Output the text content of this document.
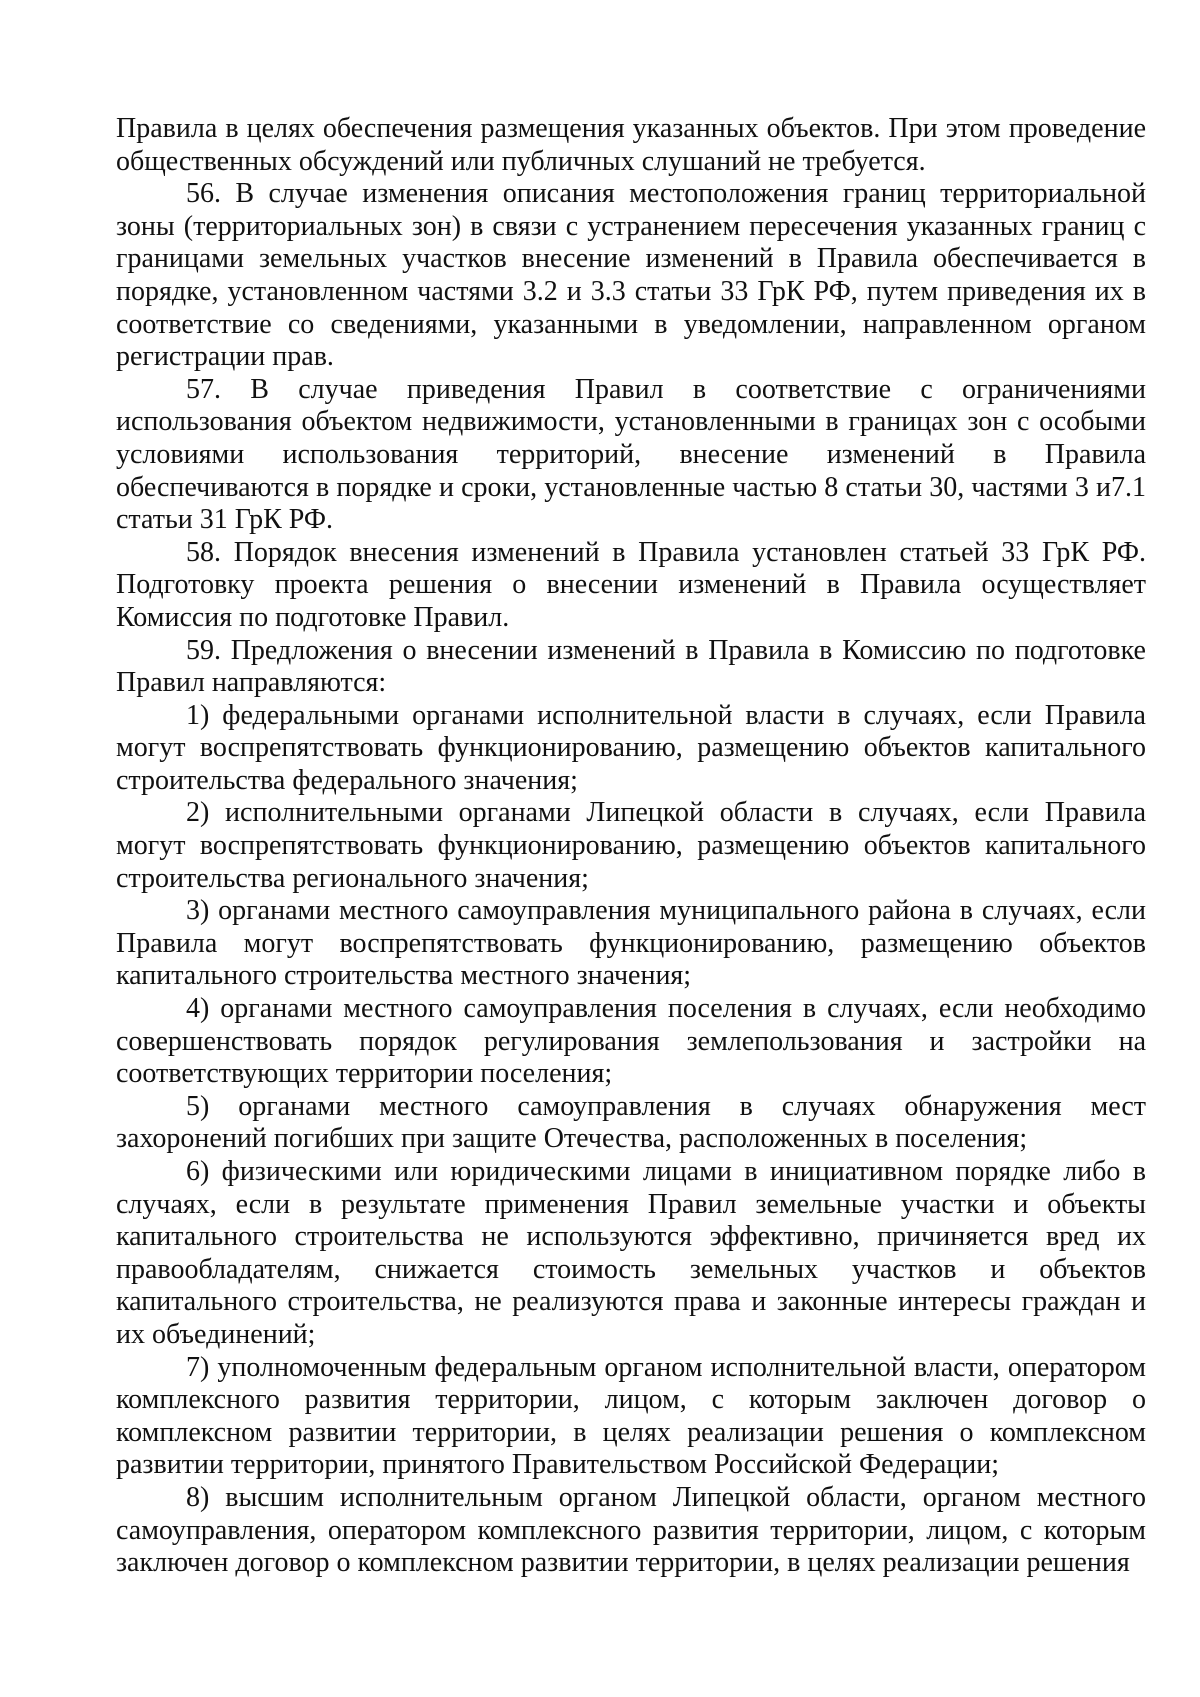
Правила в целях обеспечения размещения указанных объектов. При этом проведение общественных обсуждений или публичных слушаний не требуется.

56. В случае изменения описания местоположения границ территориальной зоны (территориальных зон) в связи с устранением пересечения указанных границ с границами земельных участков внесение изменений в Правила обеспечивается в порядке, установленном частями 3.2 и 3.3 статьи 33 ГрК РФ, путем приведения их в соответствие со сведениями, указанными в уведомлении, направленном органом регистрации прав.

57. В случае приведения Правил в соответствие с ограничениями использования объектом недвижимости, установленными в границах зон с особыми условиями использования территорий, внесение изменений в Правила обеспечиваются в порядке и сроки, установленные частью 8 статьи 30, частями 3 и7.1 статьи 31 ГрК РФ.

58. Порядок внесения изменений в Правила установлен статьей 33 ГрК РФ. Подготовку проекта решения о внесении изменений в Правила осуществляет Комиссия по подготовке Правил.

59. Предложения о внесении изменений в Правила в Комиссию по подготовке Правил направляются:

1) федеральными органами исполнительной власти в случаях, если Правила могут воспрепятствовать функционированию, размещению объектов капитального строительства федерального значения;

2) исполнительными органами Липецкой области в случаях, если Правила могут воспрепятствовать функционированию, размещению объектов капитального строительства регионального значения;

3) органами местного самоуправления муниципального района в случаях, если Правила могут воспрепятствовать функционированию, размещению объектов капитального строительства местного значения;

4) органами местного самоуправления поселения в случаях, если необходимо совершенствовать порядок регулирования землепользования и застройки на соответствующих территории поселения;

5) органами местного самоуправления в случаях обнаружения мест захоронений погибших при защите Отечества, расположенных в поселения;

6) физическими или юридическими лицами в инициативном порядке либо в случаях, если в результате применения Правил земельные участки и объекты капитального строительства не используются эффективно, причиняется вред их правообладателям, снижается стоимость земельных участков и объектов капитального строительства, не реализуются права и законные интересы граждан и их объединений;

7) уполномоченным федеральным органом исполнительной власти, оператором комплексного развития территории, лицом, с которым заключен договор о комплексном развитии территории, в целях реализации решения о комплексном развитии территории, принятого Правительством Российской Федерации;

8) высшим исполнительным органом Липецкой области, органом местного самоуправления, оператором комплексного развития территории, лицом, с которым заключен договор о комплексном развитии территории, в целях реализации решения
